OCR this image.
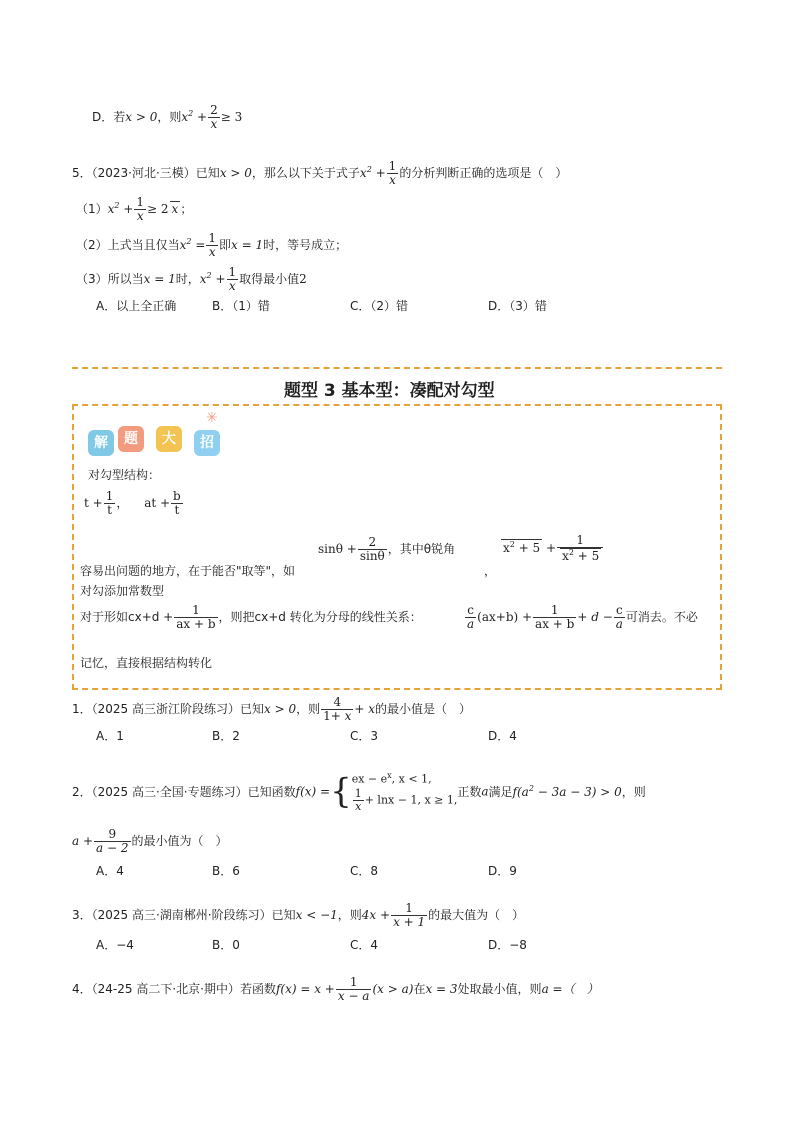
D．若x > 0，则$x^2 + \frac{2}{x} \ge 3$
5．（2023·河北·三模）已知x > 0，那么以下关于式子$x^2 + \frac{1}{x}$ 的分析判断正确的选项是（　）
$(1)x^2 + \frac{1}{x} \ge 2$ x ；
（2）上式当且仅当$x^2 = \frac{1}{x}$ 即x = 1时，等号成立；
（3）所以当x = 1时，$x^2 + \frac{1}{x}$ 取得最小值2
A．以上全正确	B．（1）错	C．（2）错	D．（3）错
题型 3 基本型：凑配对勾型
解	题	大	招
✳
对勾型结构：
$t + \frac{1}{t}$ ， at + $\frac{b}{t}$
容易出问题的地方，在于能否"取等"，如
$\sin\theta + \frac{2}{\sin\theta}$ ，其中θ锐角
，
$x^2 + 5 + \frac{1}{x^2 + 5}$
对勾添加常数型
对于形如$cx+d + \frac{1}{ax + b}$ ，则把cx+d 转化为分母的线性关系：	$\frac{c}{a} (ax+b) + \frac{1}{ax + b} + d - \frac{c}{a}$ 可消去。不必
记忆，直接根据结构转化
1．（2025 高三浙江阶段练习）已知x > 0，则 $\frac{4}{1+ x} + x$的最小值是（　）
A．1	B．2	C．3	D．4
2．（2025 高三·全国·专题练习）已知函数f(x) ={ ex − $e^x$, x < 1,
$\frac{1}{x} + \ln x - 1$, x ≥ 1,
正数a满足$f(a^2 - 3a - 3) > 0$，则
$a + \frac{9}{a - 2}$ 的最小值为（　）
A．4	B．6	C．8	D．9
3．（2025 高三·湖南郴州·阶段练习）已知x < −1，则$4x + \frac{1}{x + 1}$ 的最大值为（　）
A．−4	B．0	C．4	D．−8
4．（24-25 高二下·北京·期中）若函数$f(x) = x + \frac{1}{x - a} (x > a)$在x = 3处取最小值，则a =（　）
